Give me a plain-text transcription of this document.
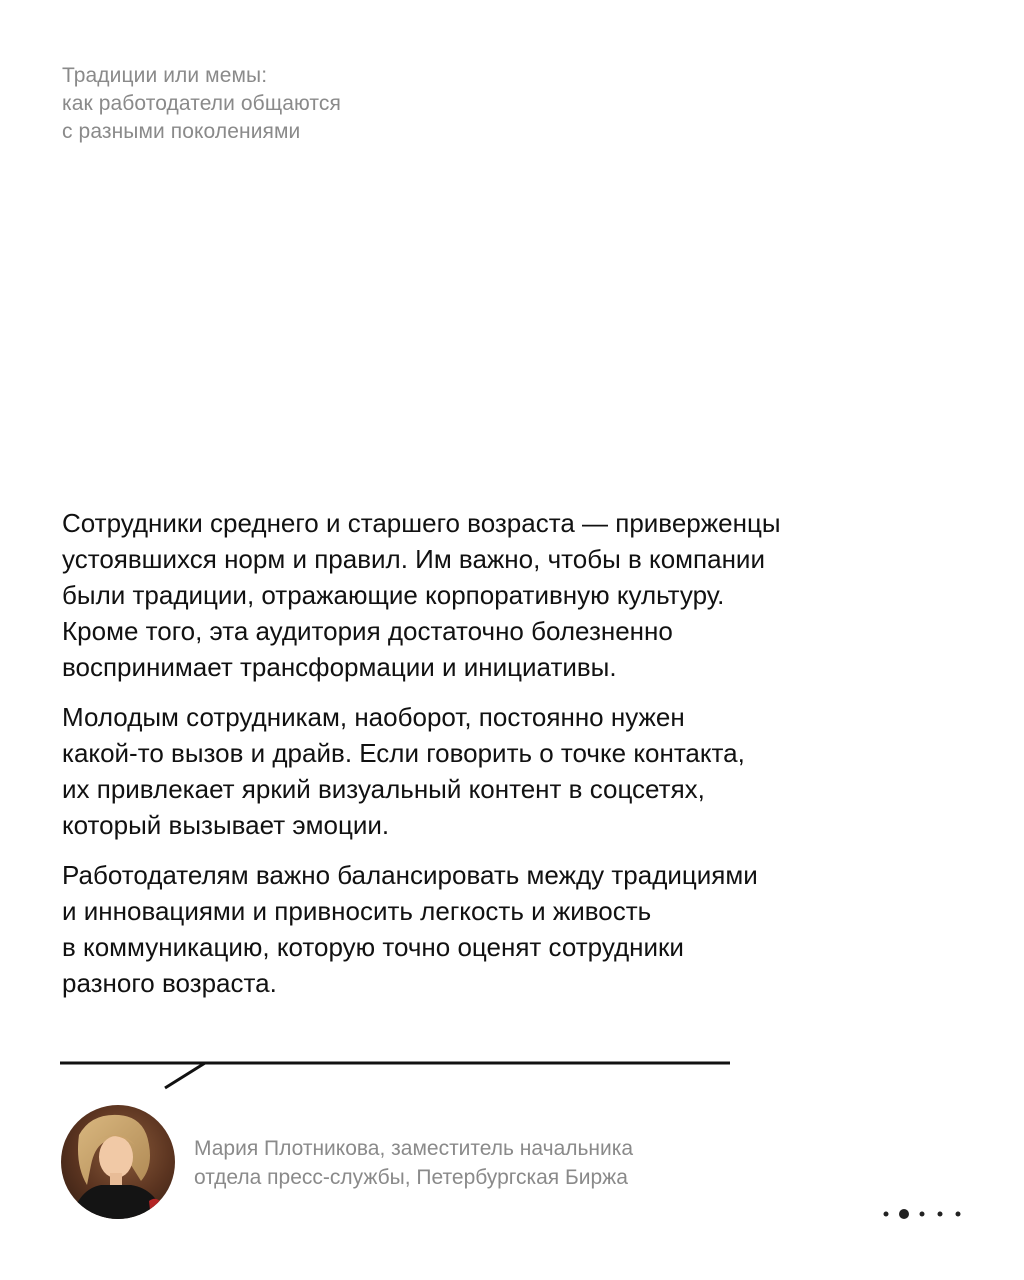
Традиции или мемы:
как работодатели общаются
с разными поколениями

Сотрудники среднего и старшего возраста — приверженцы
устоявшихся норм и правил. Им важно, чтобы в компании
были традиции, отражающие корпоративную культуру.
Кроме того, эта аудитория достаточно болезненно
воспринимает трансформации и инициативы.

Молодым сотрудникам, наоборот, постоянно нужен
какой-то вызов и драйв. Если говорить о точке контакта,
их привлекает яркий визуальный контент в соцсетях,
который вызывает эмоции.

Работодателям важно балансировать между традициями
и инновациями и привносить легкость и живость
в коммуникацию, которую точно оценят сотрудники
разного возраста.

Мария Плотникова, заместитель начальника
отдела пресс-службы, Петербургская Биржа
